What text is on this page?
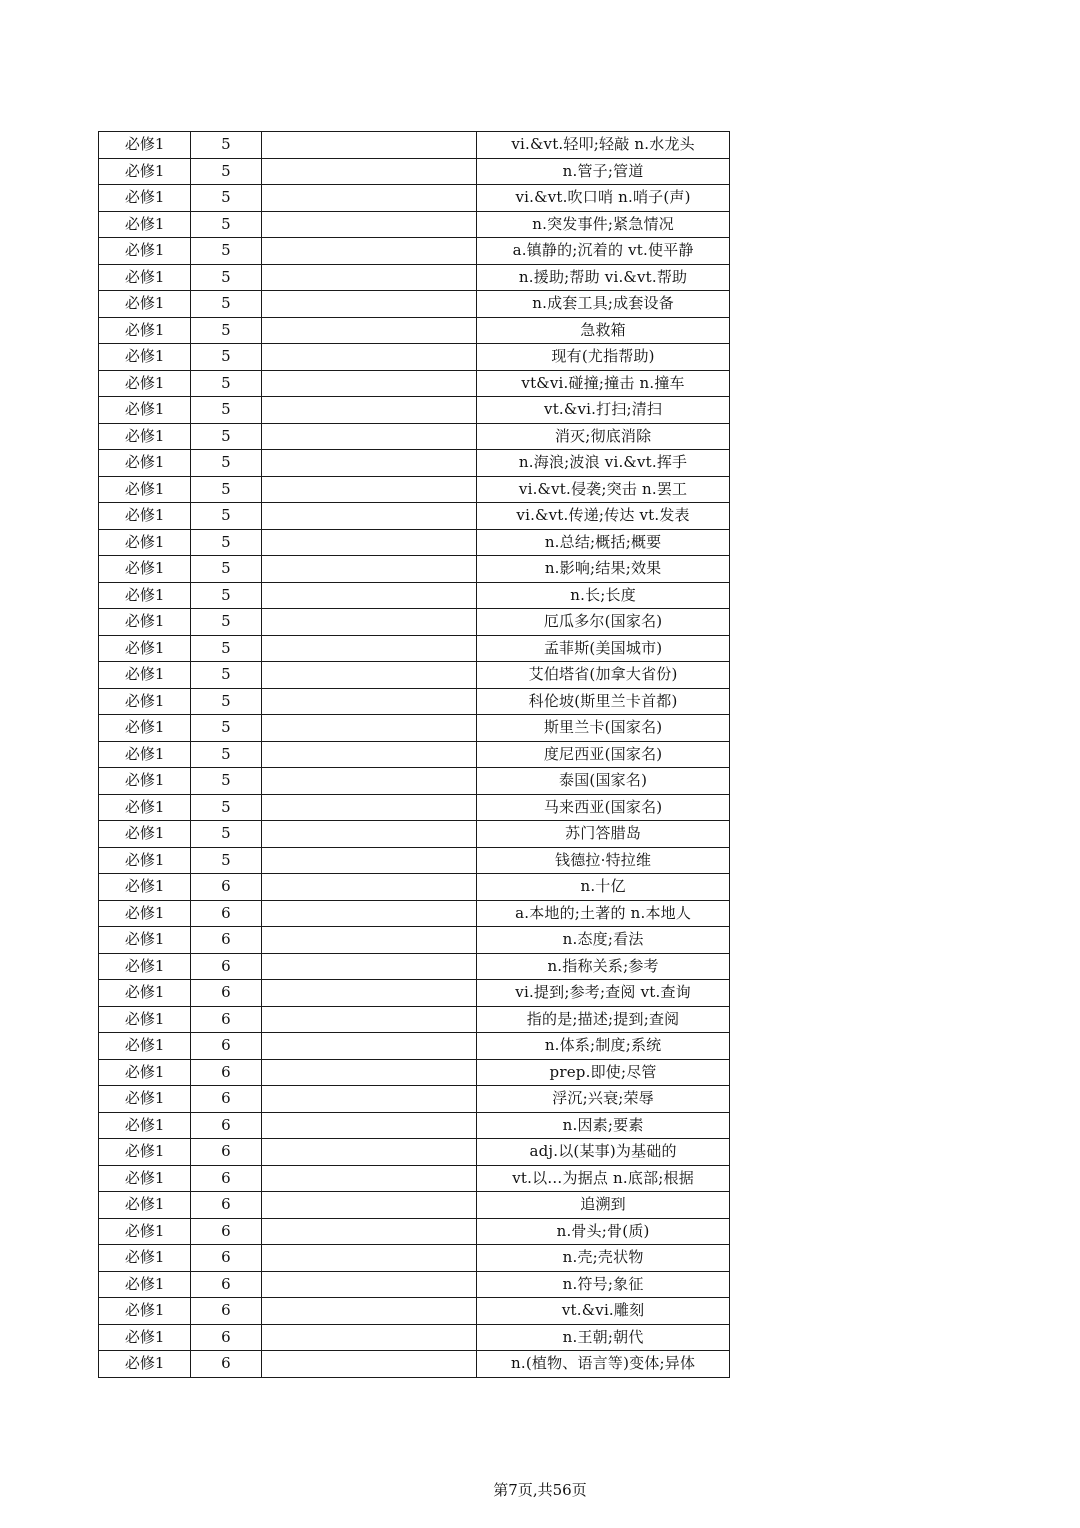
必修1	5		vi.&vt.轻叩;轻敲 n.水龙头
必修1	5		n.管子;管道
必修1	5		vi.&vt.吹口哨 n.哨子(声)
必修1	5		n.突发事件;紧急情况
必修1	5		a.镇静的;沉着的 vt.使平静
必修1	5		n.援助;帮助 vi.&vt.帮助
必修1	5		n.成套工具;成套设备
必修1	5		急救箱
必修1	5		现有(尤指帮助)
必修1	5		vt&vi.碰撞;撞击 n.撞车
必修1	5		vt.&vi.打扫;清扫
必修1	5		消灭;彻底消除
必修1	5		n.海浪;波浪 vi.&vt.挥手
必修1	5		vi.&vt.侵袭;突击 n.罢工
必修1	5		vi.&vt.传递;传达 vt.发表
必修1	5		n.总结;概括;概要
必修1	5		n.影响;结果;效果
必修1	5		n.长;长度
必修1	5		厄瓜多尔(国家名)
必修1	5		孟菲斯(美国城市)
必修1	5		艾伯塔省(加拿大省份)
必修1	5		科伦坡(斯里兰卡首都)
必修1	5		斯里兰卡(国家名)
必修1	5		度尼西亚(国家名)
必修1	5		泰国(国家名)
必修1	5		马来西亚(国家名)
必修1	5		苏门答腊岛
必修1	5		钱德拉·特拉维
必修1	6		n.十亿
必修1	6		a.本地的;土著的 n.本地人
必修1	6		n.态度;看法
必修1	6		n.指称关系;参考
必修1	6		vi.提到;参考;查阅 vt.查询
必修1	6		指的是;描述;提到;查阅
必修1	6		n.体系;制度;系统
必修1	6		prep.即使;尽管
必修1	6		浮沉;兴衰;荣辱
必修1	6		n.因素;要素
必修1	6		adj.以(某事)为基础的
必修1	6		vt.以…为据点 n.底部;根据
必修1	6		追溯到
必修1	6		n.骨头;骨(质)
必修1	6		n.壳;壳状物
必修1	6		n.符号;象征
必修1	6		vt.&vi.雕刻
必修1	6		n.王朝;朝代
必修1	6		n.(植物、语言等)变体;异体
第7页,共56页
